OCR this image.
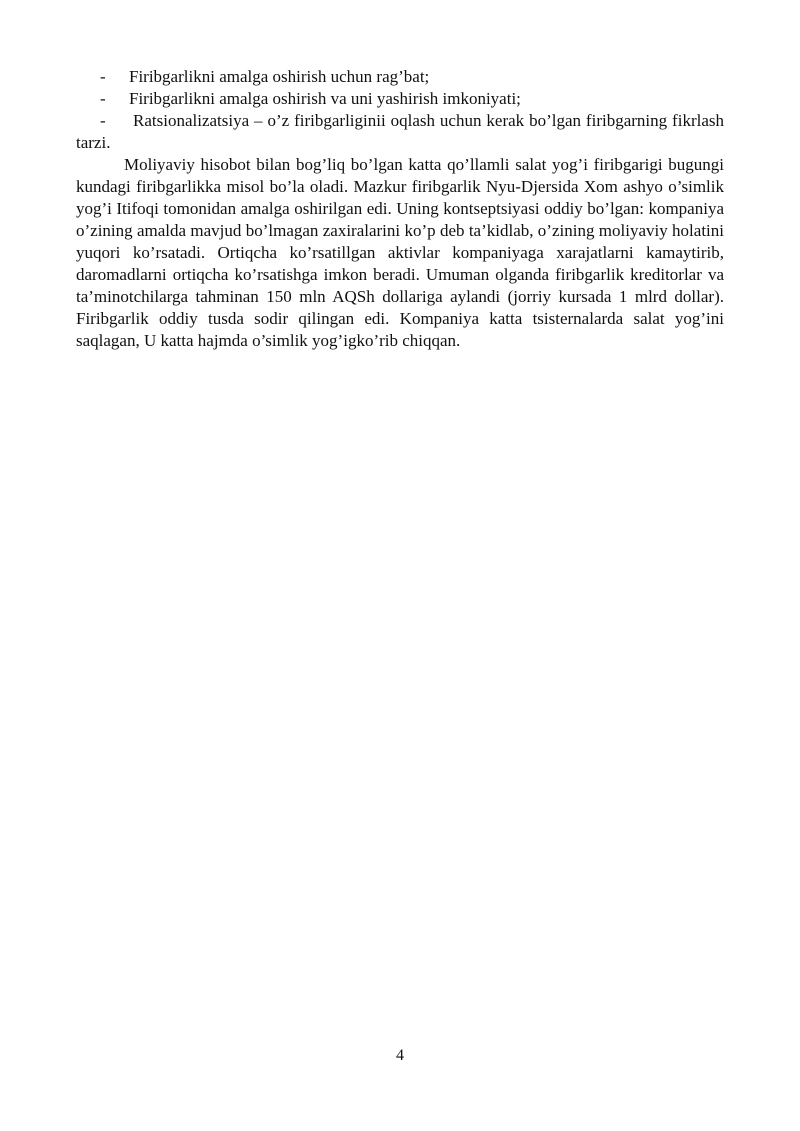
-	Firibgarlikni amalga oshirish uchun rag’bat;

-	Firibgarlikni amalga oshirish va uni yashirish imkoniyati;

- Ratsionalizatsiya – o’z firibgarliginii oqlash uchun kerak bo’lgan firibgarning fikrlash tarzi.

Moliyaviy hisobot bilan bog’liq bo’lgan katta qo’llamli salat yog’i firibgarigi bugungi kundagi firibgarlikka misol bo’la oladi. Mazkur firibgarlik Nyu-Djersida Xom ashyo o’simlik yog’i Itifoqi tomonidan amalga oshirilgan edi. Uning kontseptsiyasi oddiy bo’lgan: kompaniya o’zining amalda mavjud bo’lmagan zaxiralarini ko’p deb ta’kidlab, o’zining moliyaviy holatini yuqori ko’rsatadi. Ortiqcha ko’rsatillgan aktivlar kompaniyaga xarajatlarni kamaytirib, daromadlarni ortiqcha ko’rsatishga imkon beradi. Umuman olganda firibgarlik kreditorlar va ta’minotchilarga tahminan 150 mln AQSh dollariga aylandi (jorriy kursada 1 mlrd dollar). Firibgarlik oddiy tusda sodir qilingan edi. Kompaniya katta tsisternalarda salat yog’ini saqlagan, U katta hajmda o’simlik yog’igko’rib chiqqan.

4
